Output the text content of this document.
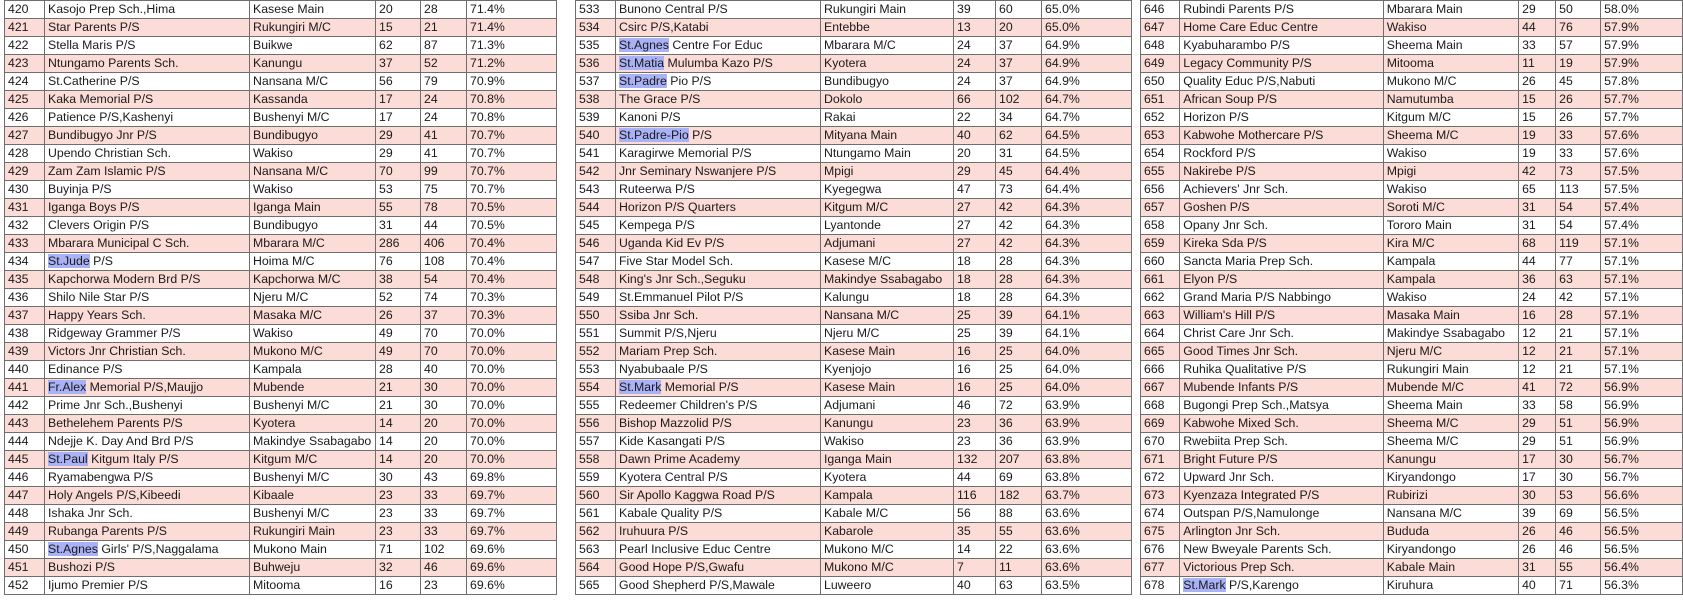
420	Kasojo Prep Sch.,Hima	Kasese Main	20	28	71.4%
421	Star Parents P/S	Rukungiri M/C	15	21	71.4%
422	Stella Maris P/S	Buikwe	62	87	71.3%
423	Ntungamo Parents Sch.	Kanungu	37	52	71.2%
424	St.Catherine P/S	Nansana M/C	56	79	70.9%
425	Kaka Memorial P/S	Kassanda	17	24	70.8%
426	Patience P/S,Kashenyi	Bushenyi M/C	17	24	70.8%
427	Bundibugyo Jnr P/S	Bundibugyo	29	41	70.7%
428	Upendo Christian Sch.	Wakiso	29	41	70.7%
429	Zam Zam Islamic P/S	Nansana M/C	70	99	70.7%
430	Buyinja P/S	Wakiso	53	75	70.7%
431	Iganga Boys P/S	Iganga Main	55	78	70.5%
432	Clevers Origin P/S	Bundibugyo	31	44	70.5%
433	Mbarara Municipal C Sch.	Mbarara M/C	286	406	70.4%
434	St.Jude P/S	Hoima M/C	76	108	70.4%
435	Kapchorwa Modern Brd P/S	Kapchorwa M/C	38	54	70.4%
436	Shilo Nile Star P/S	Njeru M/C	52	74	70.3%
437	Happy Years Sch.	Masaka M/C	26	37	70.3%
438	Ridgeway Grammer P/S	Wakiso	49	70	70.0%
439	Victors Jnr Christian Sch.	Mukono M/C	49	70	70.0%
440	Edinance P/S	Kampala	28	40	70.0%
441	Fr.Alex Memorial P/S,Maujjo	Mubende	21	30	70.0%
442	Prime Jnr Sch.,Bushenyi	Bushenyi M/C	21	30	70.0%
443	Bethelehem Parents P/S	Kyotera	14	20	70.0%
444	Ndejje K. Day And Brd P/S	Makindye Ssabagabo	14	20	70.0%
445	St.Paul Kitgum Italy P/S	Kitgum M/C	14	20	70.0%
446	Ryamabengwa P/S	Bushenyi M/C	30	43	69.8%
447	Holy Angels P/S,Kibeedi	Kibaale	23	33	69.7%
448	Ishaka Jnr Sch.	Bushenyi M/C	23	33	69.7%
449	Rubanga Parents P/S	Rukungiri Main	23	33	69.7%
450	St.Agnes Girls' P/S,Naggalama	Mukono Main	71	102	69.6%
451	Bushozi P/S	Buhweju	32	46	69.6%
452	Ijumo Premier P/S	Mitooma	16	23	69.6%
533	Bunono Central P/S	Rukungiri Main	39	60	65.0%
534	Csirc P/S,Katabi	Entebbe	13	20	65.0%
535	St.Agnes Centre For Educ	Mbarara M/C	24	37	64.9%
536	St.Matia Mulumba Kazo P/S	Kyotera	24	37	64.9%
537	St.Padre Pio P/S	Bundibugyo	24	37	64.9%
538	The Grace P/S	Dokolo	66	102	64.7%
539	Kanoni P/S	Rakai	22	34	64.7%
540	St.Padre-Pio P/S	Mityana Main	40	62	64.5%
541	Karagirwe Memorial P/S	Ntungamo Main	20	31	64.5%
542	Jnr Seminary Nswanjere P/S	Mpigi	29	45	64.4%
543	Ruteerwa P/S	Kyegegwa	47	73	64.4%
544	Horizon P/S Quarters	Kitgum M/C	27	42	64.3%
545	Kempega P/S	Lyantonde	27	42	64.3%
546	Uganda Kid Ev P/S	Adjumani	27	42	64.3%
547	Five Star Model Sch.	Kasese M/C	18	28	64.3%
548	King's Jnr Sch.,Seguku	Makindye Ssabagabo	18	28	64.3%
549	St.Emmanuel Pilot P/S	Kalungu	18	28	64.3%
550	Ssiba Jnr Sch.	Nansana M/C	25	39	64.1%
551	Summit P/S,Njeru	Njeru M/C	25	39	64.1%
552	Mariam Prep Sch.	Kasese Main	16	25	64.0%
553	Nyabubaale P/S	Kyenjojo	16	25	64.0%
554	St.Mark Memorial P/S	Kasese Main	16	25	64.0%
555	Redeemer Children's P/S	Adjumani	46	72	63.9%
556	Bishop Mazzolid P/S	Kanungu	23	36	63.9%
557	Kide Kasangati P/S	Wakiso	23	36	63.9%
558	Dawn Prime Academy	Iganga Main	132	207	63.8%
559	Kyotera Central P/S	Kyotera	44	69	63.8%
560	Sir Apollo Kaggwa Road P/S	Kampala	116	182	63.7%
561	Kabale Quality P/S	Kabale M/C	56	88	63.6%
562	Iruhuura P/S	Kabarole	35	55	63.6%
563	Pearl Inclusive Educ Centre	Mukono M/C	14	22	63.6%
564	Good Hope P/S,Gwafu	Mukono M/C	7	11	63.6%
565	Good Shepherd P/S,Mawale	Luweero	40	63	63.5%
646	Rubindi Parents P/S	Mbarara Main	29	50	58.0%
647	Home Care Educ Centre	Wakiso	44	76	57.9%
648	Kyabuharambo P/S	Sheema Main	33	57	57.9%
649	Legacy Community P/S	Mitooma	11	19	57.9%
650	Quality Educ P/S,Nabuti	Mukono M/C	26	45	57.8%
651	African Soup P/S	Namutumba	15	26	57.7%
652	Horizon P/S	Kitgum M/C	15	26	57.7%
653	Kabwohe Mothercare P/S	Sheema M/C	19	33	57.6%
654	Rockford P/S	Wakiso	19	33	57.6%
655	Nakirebe P/S	Mpigi	42	73	57.5%
656	Achievers' Jnr Sch.	Wakiso	65	113	57.5%
657	Goshen P/S	Soroti M/C	31	54	57.4%
658	Opany Jnr Sch.	Tororo Main	31	54	57.4%
659	Kireka Sda P/S	Kira M/C	68	119	57.1%
660	Sancta Maria Prep Sch.	Kampala	44	77	57.1%
661	Elyon P/S	Kampala	36	63	57.1%
662	Grand Maria P/S Nabbingo	Wakiso	24	42	57.1%
663	William's Hill P/S	Masaka Main	16	28	57.1%
664	Christ Care Jnr Sch.	Makindye Ssabagabo	12	21	57.1%
665	Good Times Jnr Sch.	Njeru M/C	12	21	57.1%
666	Ruhika Qualitative P/S	Rukungiri Main	12	21	57.1%
667	Mubende Infants P/S	Mubende M/C	41	72	56.9%
668	Bugongi Prep Sch.,Matsya	Sheema Main	33	58	56.9%
669	Kabwohe Mixed Sch.	Sheema M/C	29	51	56.9%
670	Rwebiita Prep Sch.	Sheema M/C	29	51	56.9%
671	Bright Future P/S	Kanungu	17	30	56.7%
672	Upward Jnr Sch.	Kiryandongo	17	30	56.7%
673	Kyenzaza Integrated P/S	Rubirizi	30	53	56.6%
674	Outspan P/S,Namulonge	Nansana M/C	39	69	56.5%
675	Arlington Jnr Sch.	Bududa	26	46	56.5%
676	New Bweyale Parents Sch.	Kiryandongo	26	46	56.5%
677	Victorious Prep Sch.	Kabale Main	31	55	56.4%
678	St.Mark P/S,Karengo	Kiruhura	40	71	56.3%
